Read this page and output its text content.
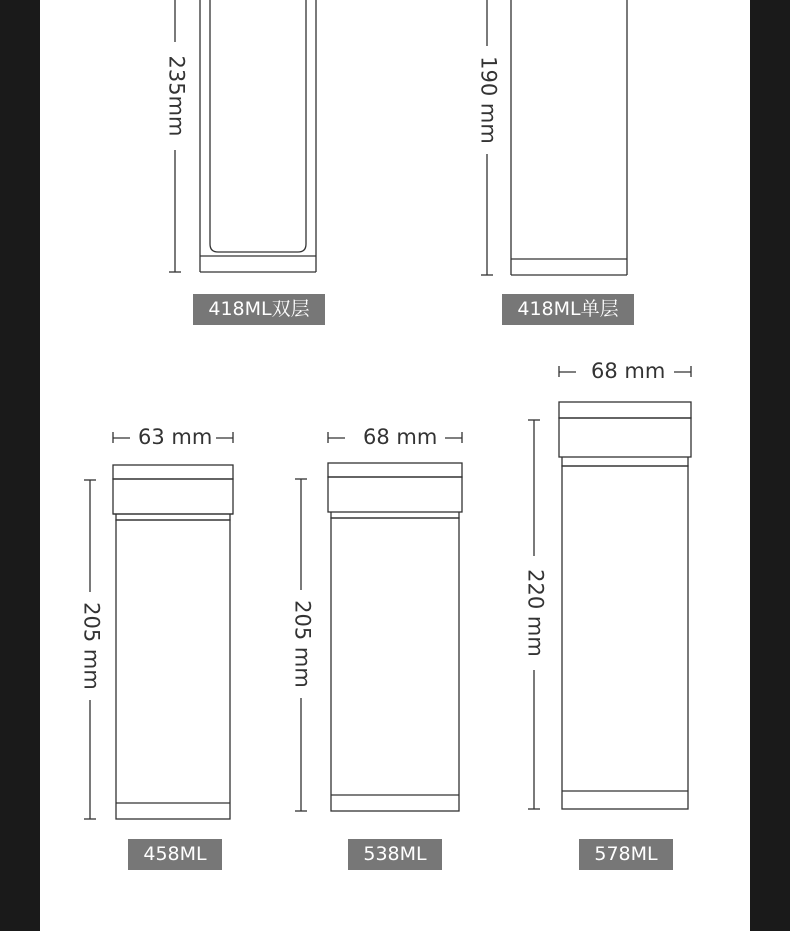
235mm	190 mm
63 mm
205 mm
68 mm
205 mm
68 mm
220 mm
418ML双层	418ML单层
458ML	538ML	578ML
